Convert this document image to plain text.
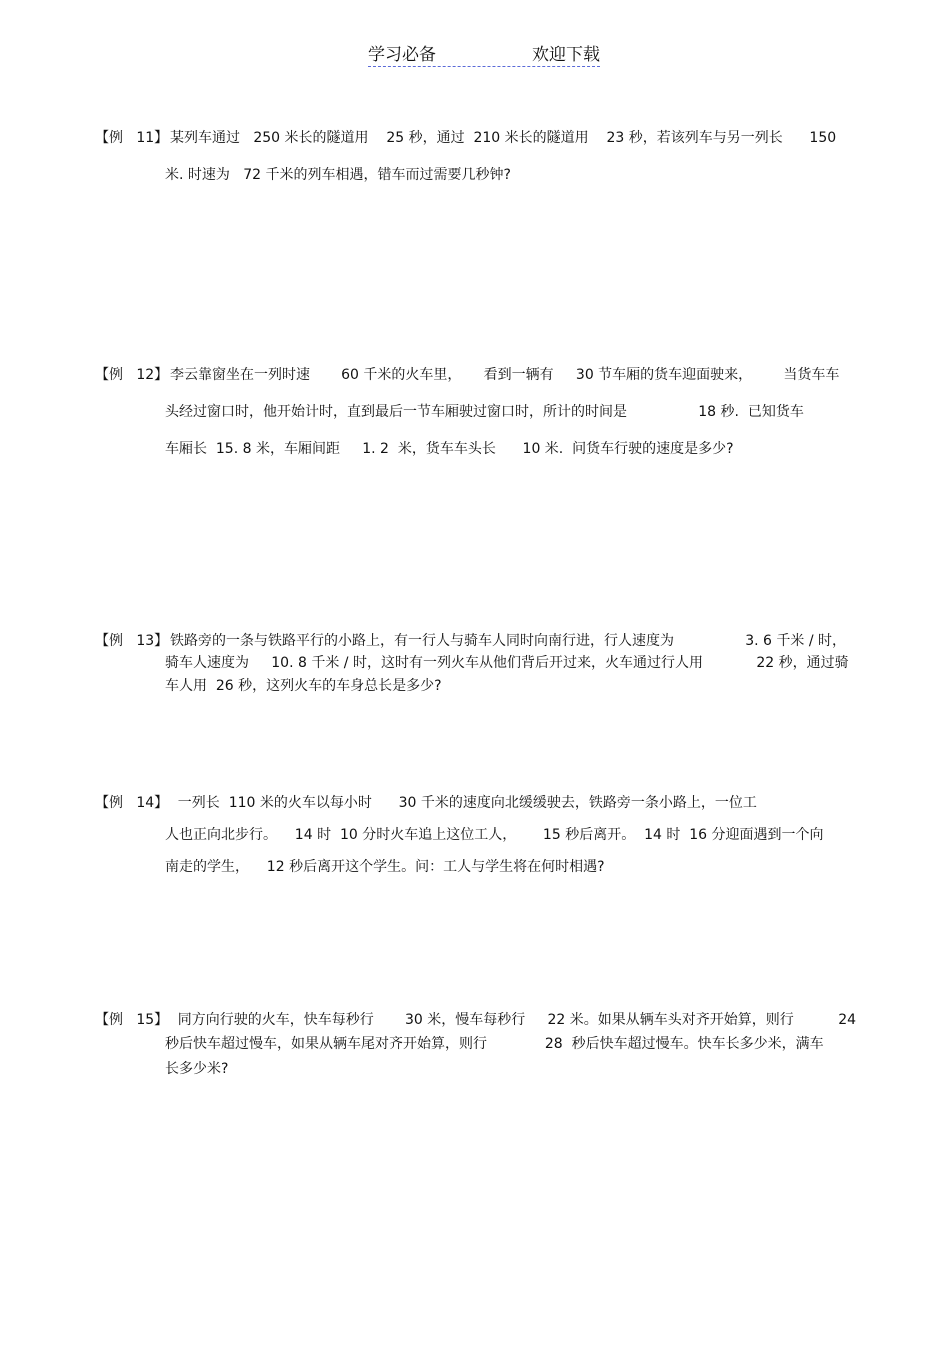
学习必备	欢迎下载
【例   11】 某列车通过   250 米长的隧道用    25 秒，通过  210 米长的隧道用    23 秒，若该列车与另一列长      150
米. 时速为   72 千米的列车相遇，错车而过需要几秒钟?
【例   12】 李云靠窗坐在一列时速       60 千米的火车里，     看到一辆有     30 节车厢的货车迎面驶来，       当货车车
头经过窗口时，他开始计时，直到最后一节车厢驶过窗口时，所计的时间是                18 秒.  已知货车
车厢长  15. 8 米，车厢间距     1. 2  米，货车车头长      10 米.  问货车行驶的速度是多少?
【例   13】 铁路旁的一条与铁路平行的小路上，有一行人与骑车人同时向南行进，行人速度为                3. 6 千米 / 时，
骑车人速度为     10. 8 千米 / 时，这时有一列火车从他们背后开过来，火车通过行人用            22 秒，通过骑
车人用  26 秒，这列火车的车身总长是多少?
【例   14】
一列长  110 米的火车以每小时      30 千米的速度向北缓缓驶去，铁路旁一条小路上，一位工
人也正向北步行。    14 时  10 分时火车追上这位工人，      15 秒后离开。  14 时  16 分迎面遇到一个向
南走的学生，    12 秒后离开这个学生。问：工人与学生将在何时相遇?
【例   15】
同方向行驶的火车，快车每秒行       30 米，慢车每秒行     22 米。如果从辆车头对齐开始算，则行          24
秒后快车超过慢车，如果从辆车尾对齐开始算，则行             28  秒后快车超过慢车。快车长多少米，满车
长多少米?
